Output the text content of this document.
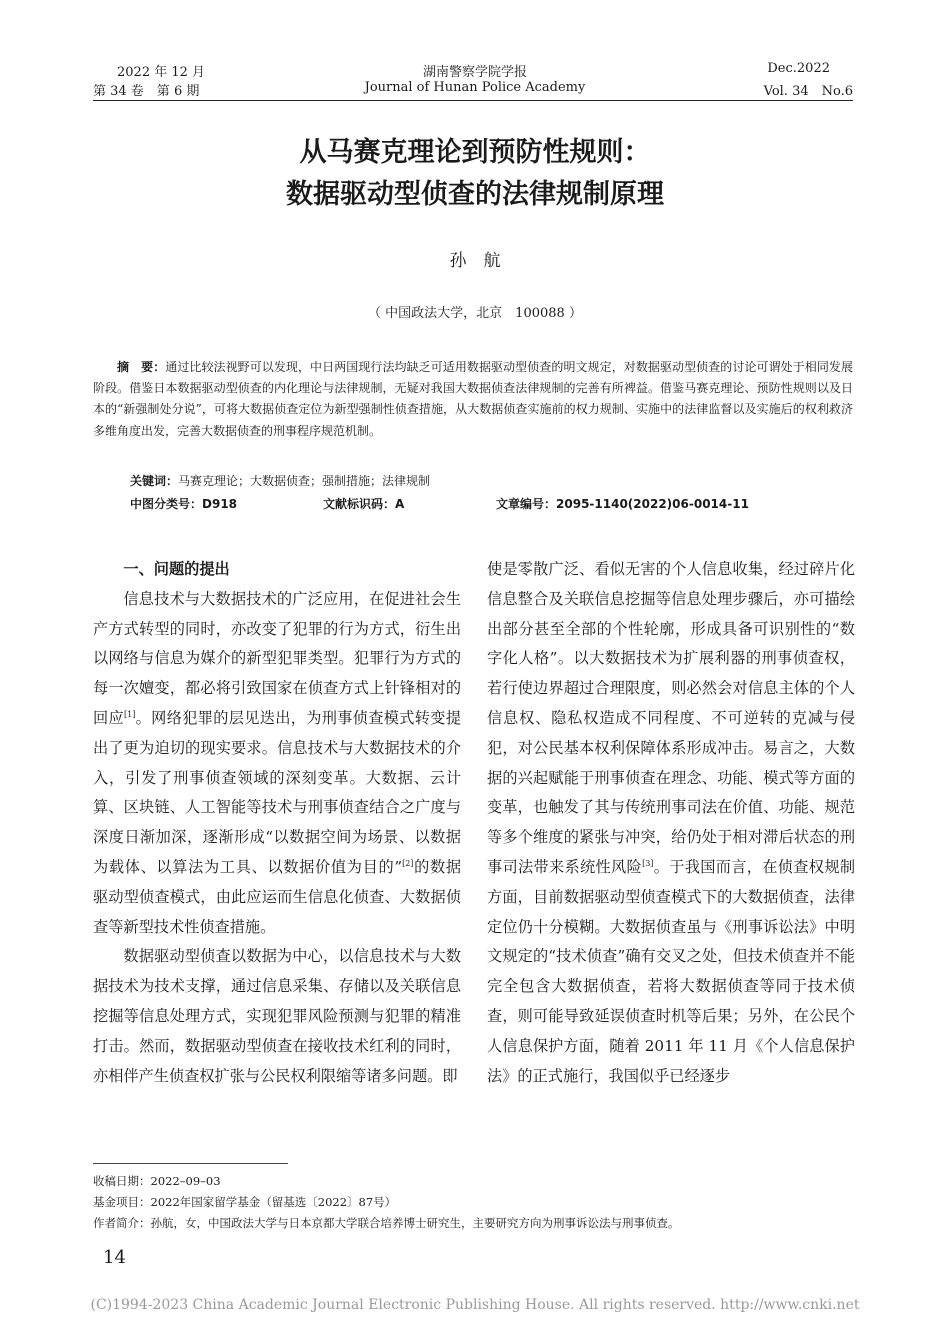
2022 年 12 月
第 34 卷　第 6 期
湖南警察学院学报
Journal of Hunan Police Academy
Dec.2022
Vol. 34　No.6
从马赛克理论到预防性规则：
数据驱动型侦查的法律规制原理
孙　航
（ 中国政法大学，北京　100088 ）
摘　要：通过比较法视野可以发现，中日两国现行法均缺乏可适用数据驱动型侦查的明文规定，对数据驱动型侦查的讨论可谓处于相同发展阶段。借鉴日本数据驱动型侦查的内化理论与法律规制，无疑对我国大数据侦查法律规制的完善有所裨益。借鉴马赛克理论、预防性规则以及日本的“新强制处分说”，可将大数据侦查定位为新型强制性侦查措施，从大数据侦查实施前的权力规制、实施中的法律监督以及实施后的权利救济多维角度出发，完善大数据侦查的刑事程序规范机制。
关键词：马赛克理论；大数据侦查；强制措施；法律规制
中图分类号：D918	文献标识码：A	文章编号：2095-1140(2022)06-0014-11

一、问题的提出

信息技术与大数据技术的广泛应用，在促进社会生产方式转型的同时，亦改变了犯罪的行为方式，衍生出以网络与信息为媒介的新型犯罪类型。犯罪行为方式的每一次嬗变，都必将引致国家在侦查方式上针锋相对的回应[1]。网络犯罪的层见迭出，为刑事侦查模式转变提出了更为迫切的现实要求。信息技术与大数据技术的介入，引发了刑事侦查领域的深刻变革。大数据、云计算、区块链、人工智能等技术与刑事侦查结合之广度与深度日渐加深，逐渐形成“以数据空间为场景、以数据为载体、以算法为工具、以数据价值为目的”[2]的数据驱动型侦查模式，由此应运而生信息化侦查、大数据侦查等新型技术性侦查措施。

数据驱动型侦查以数据为中心，以信息技术与大数据技术为技术支撑，通过信息采集、存储以及关联信息挖掘等信息处理方式，实现犯罪风险预测与犯罪的精准打击。然而，数据驱动型侦查在接收技术红利的同时，亦相伴产生侦查权扩张与公民权利限缩等诸多问题。即

使是零散广泛、看似无害的个人信息收集，经过碎片化信息整合及关联信息挖掘等信息处理步骤后，亦可描绘出部分甚至全部的个性轮廓，形成具备可识别性的“数字化人格”。以大数据技术为扩展利器的刑事侦查权，若行使边界超过合理限度，则必然会对信息主体的个人信息权、隐私权造成不同程度、不可逆转的克减与侵犯，对公民基本权利保障体系形成冲击。易言之，大数据的兴起赋能于刑事侦查在理念、功能、模式等方面的变革，也触发了其与传统刑事司法在价值、功能、规范等多个维度的紧张与冲突，给仍处于相对滞后状态的刑事司法带来系统性风险[3]。于我国而言，在侦查权规制方面，目前数据驱动型侦查模式下的大数据侦查，法律定位仍十分模糊。大数据侦查虽与《刑事诉讼法》中明文规定的“技术侦查”确有交叉之处，但技术侦查并不能完全包含大数据侦查，若将大数据侦查等同于技术侦查，则可能导致延误侦查时机等后果；另外，在公民个人信息保护方面，随着 2011 年 11 月《个人信息保护法》的正式施行，我国似乎已经逐步

收稿日期：2022–09–03
基金项目：2022年国家留学基金（留基选〔2022〕87号）
作者简介：孙航，女，中国政法大学与日本京都大学联合培养博士研究生，主要研究方向为刑事诉讼法与刑事侦查。
14
(C)1994-2023 China Academic Journal Electronic Publishing House. All rights reserved. http://www.cnki.net
